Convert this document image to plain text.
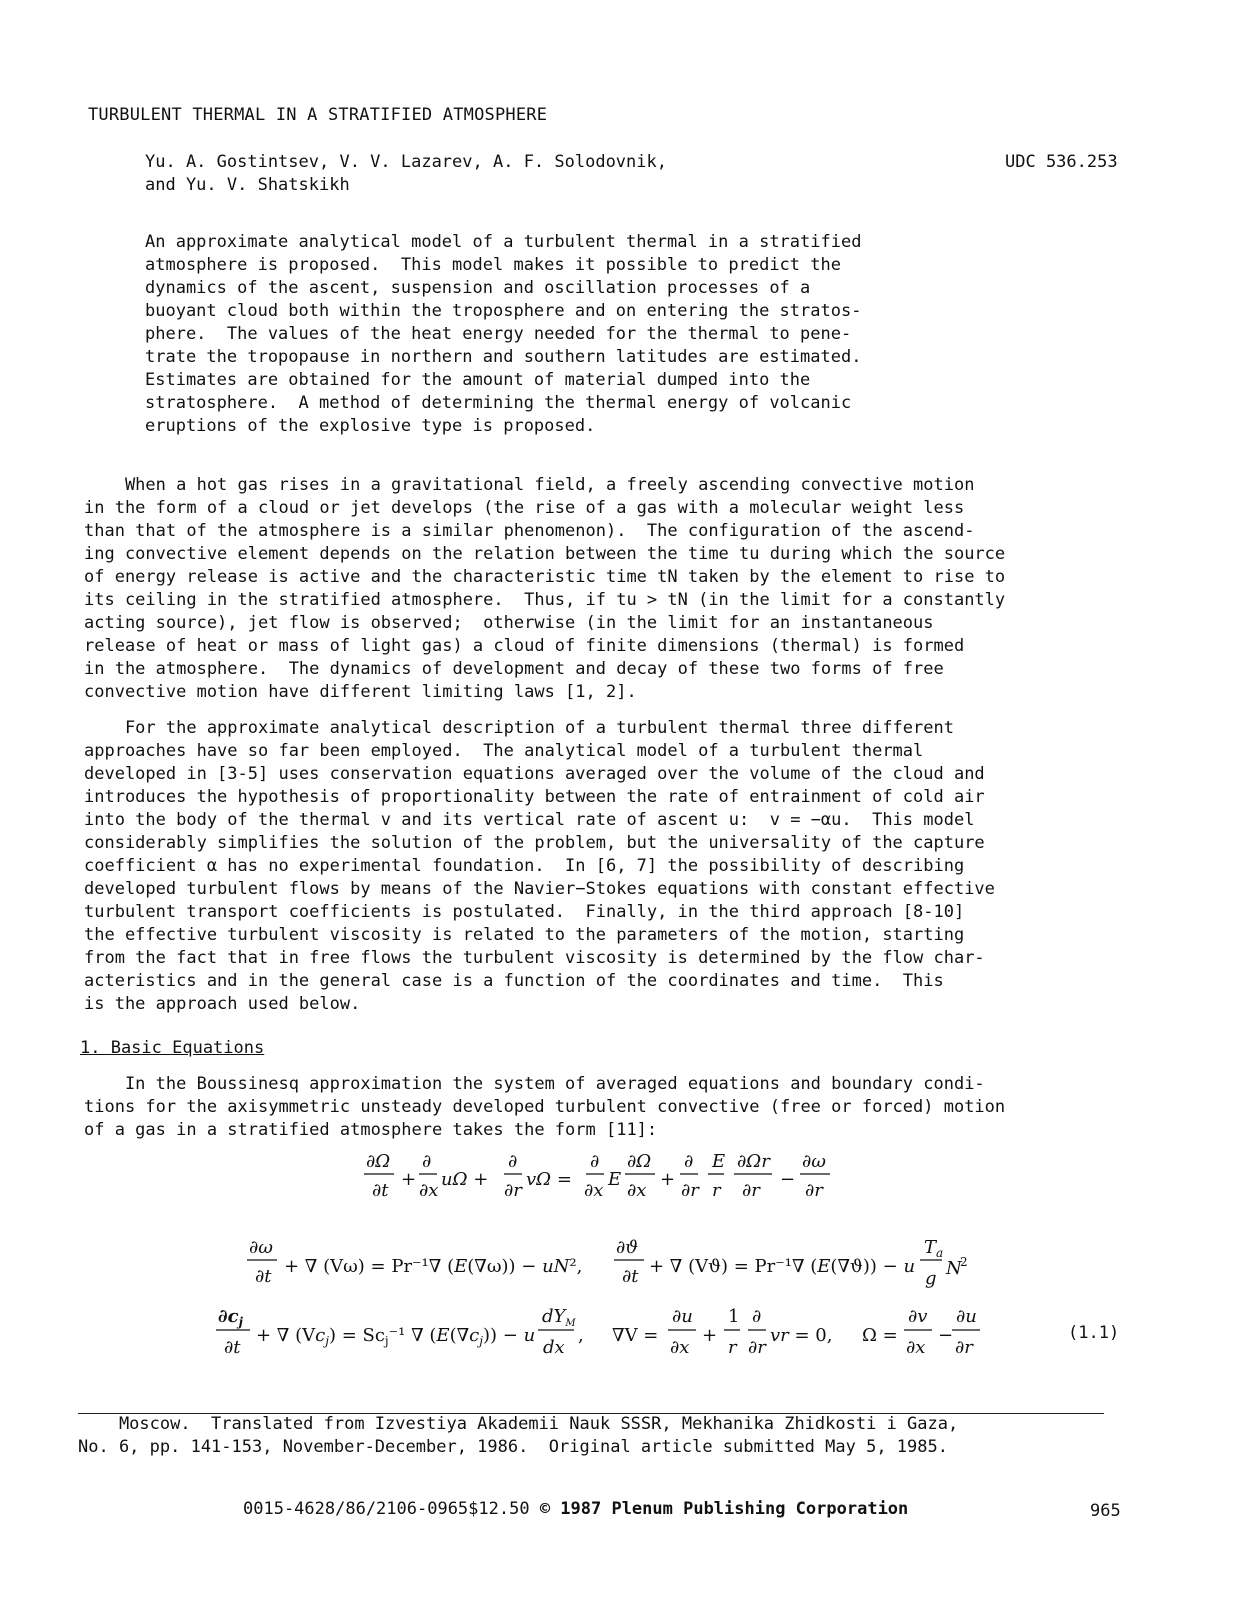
TURBULENT THERMAL IN A STRATIFIED ATMOSPHERE
Yu. A. Gostintsev, V. V. Lazarev, A. F. Solodovnik,
and Yu. V. Shatskikh
UDC 536.253
An approximate analytical model of a turbulent thermal in a stratified
atmosphere is proposed.  This model makes it possible to predict the
dynamics of the ascent, suspension and oscillation processes of a
buoyant cloud both within the troposphere and on entering the stratos-
phere.  The values of the heat energy needed for the thermal to pene-
trate the tropopause in northern and southern latitudes are estimated.
Estimates are obtained for the amount of material dumped into the
stratosphere.  A method of determining the thermal energy of volcanic
eruptions of the explosive type is proposed.
When a hot gas rises in a gravitational field, a freely ascending convective motion
in the form of a cloud or jet develops (the rise of a gas with a molecular weight less
than that of the atmosphere is a similar phenomenon).  The configuration of the ascend-
ing convective element depends on the relation between the time tu during which the source
of energy release is active and the characteristic time tN taken by the element to rise to
its ceiling in the stratified atmosphere.  Thus, if tu > tN (in the limit for a constantly
acting source), jet flow is observed;  otherwise (in the limit for an instantaneous
release of heat or mass of light gas) a cloud of finite dimensions (thermal) is formed
in the atmosphere.  The dynamics of development and decay of these two forms of free
convective motion have different limiting laws [1, 2].
For the approximate analytical description of a turbulent thermal three different
approaches have so far been employed.  The analytical model of a turbulent thermal
developed in [3-5] uses conservation equations averaged over the volume of the cloud and
introduces the hypothesis of proportionality between the rate of entrainment of cold air
into the body of the thermal v and its vertical rate of ascent u:  v = −αu.  This model
considerably simplifies the solution of the problem, but the universality of the capture
coefficient α has no experimental foundation.  In [6, 7] the possibility of describing
developed turbulent flows by means of the Navier−Stokes equations with constant effective
turbulent transport coefficients is postulated.  Finally, in the third approach [8-10]
the effective turbulent viscosity is related to the parameters of the motion, starting
from the fact that in free flows the turbulent viscosity is determined by the flow char-
acteristics and in the general case is a function of the coordinates and time.  This
is the approach used below.
1. Basic Equations
In the Boussinesq approximation the system of averaged equations and boundary condi-
tions for the axisymmetric unsteady developed turbulent convective (free or forced) motion
of a gas in a stratified atmosphere takes the form [11]:
∂Ω
∂t
+
∂
∂x
uΩ +
∂
∂r
vΩ =
∂
∂x
E
∂Ω
∂x
+
∂
∂r
E
r
∂Ωr
∂r
−
∂ω
∂r
∂ω
∂t + ∇ (Vω) = Pr⁻¹∇ (E(∇ω)) − uN²,
∂ϑ
∂t + ∇ (Vϑ) = Pr⁻¹∇ (E(∇ϑ)) − u
$T_a$
g N
2
$\partial c_j$
∂t
+ ∇ $(Vc_j) = Sc_j^{-1}$ ∇ $(E(\nabla c_j)) - u$
$dY_M$
dx
, ∇V =
∂u
∂x
+
1
r
∂
∂r
vr = 0, Ω =
∂v
∂x
−
∂u
∂r
(1.1)
Moscow.  Translated from Izvestiya Akademii Nauk SSSR, Mekhanika Zhidkosti i Gaza,
No. 6, pp. 141-153, November-December, 1986.  Original article submitted May 5, 1985.
0015-4628/86/2106-0965$12.50 © 1987 Plenum Publishing Corporation	965
